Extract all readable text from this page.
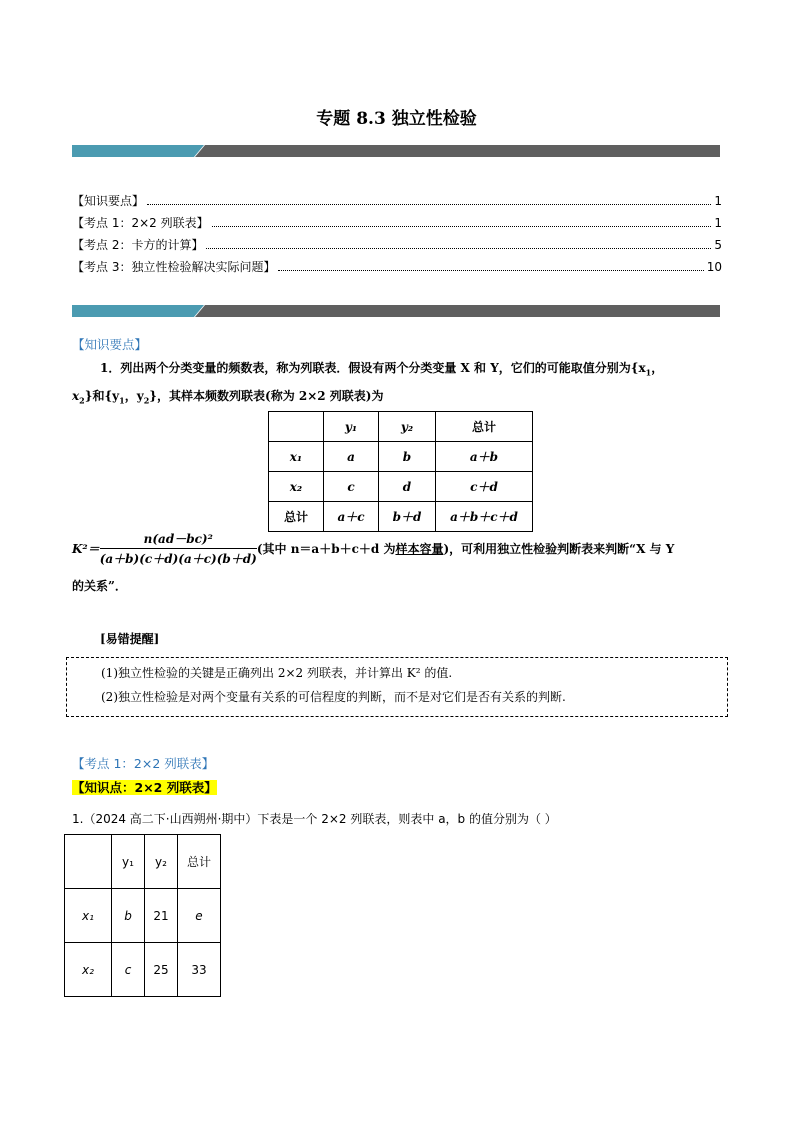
专题 8.3 独立性检验
【知识要点】	1
【考点 1：2×2 列联表】	1
【考点 2：卡方的计算】	5
【考点 3：独立性检验解决实际问题】	10
【知识要点】
1．列出两个分类变量的频数表，称为列联表．假设有两个分类变量 X 和 Y，它们的可能取值分别为{$x_1$，
$x_2$}和{$y_1$，$y_2$}，其样本频数列联表(称为 2×2 列联表)为
	y₁	y₂	总计
x₁	a	b	a＋b
x₂	c	d	c＋d
总计	a＋c	b＋d	a＋b＋c＋d
$K^2= \frac{\text{n(ad－bc)²}}{(a+b)(c+d)(a+c)(b+d)}$ (其中 n＝a＋b＋c＋d 为样本容量)，可利用独立性检验判断表来判断“X 与 Y
的关系”．
[易错提醒]
(1)独立性检验的关键是正确列出 2×2 列联表，并计算出 K² 的值.
(2)独立性检验是对两个变量有关系的可信程度的判断，而不是对它们是否有关系的判断.
【考点 1：2×2 列联表】
【知识点：2×2 列联表】
1.（2024 高二下·山西朔州·期中）下表是一个 2×2 列联表，则表中 a，b 的值分别为（ ）
	y₁	y₂	总计
x₁	b	21	e
x₂	c	25	33
